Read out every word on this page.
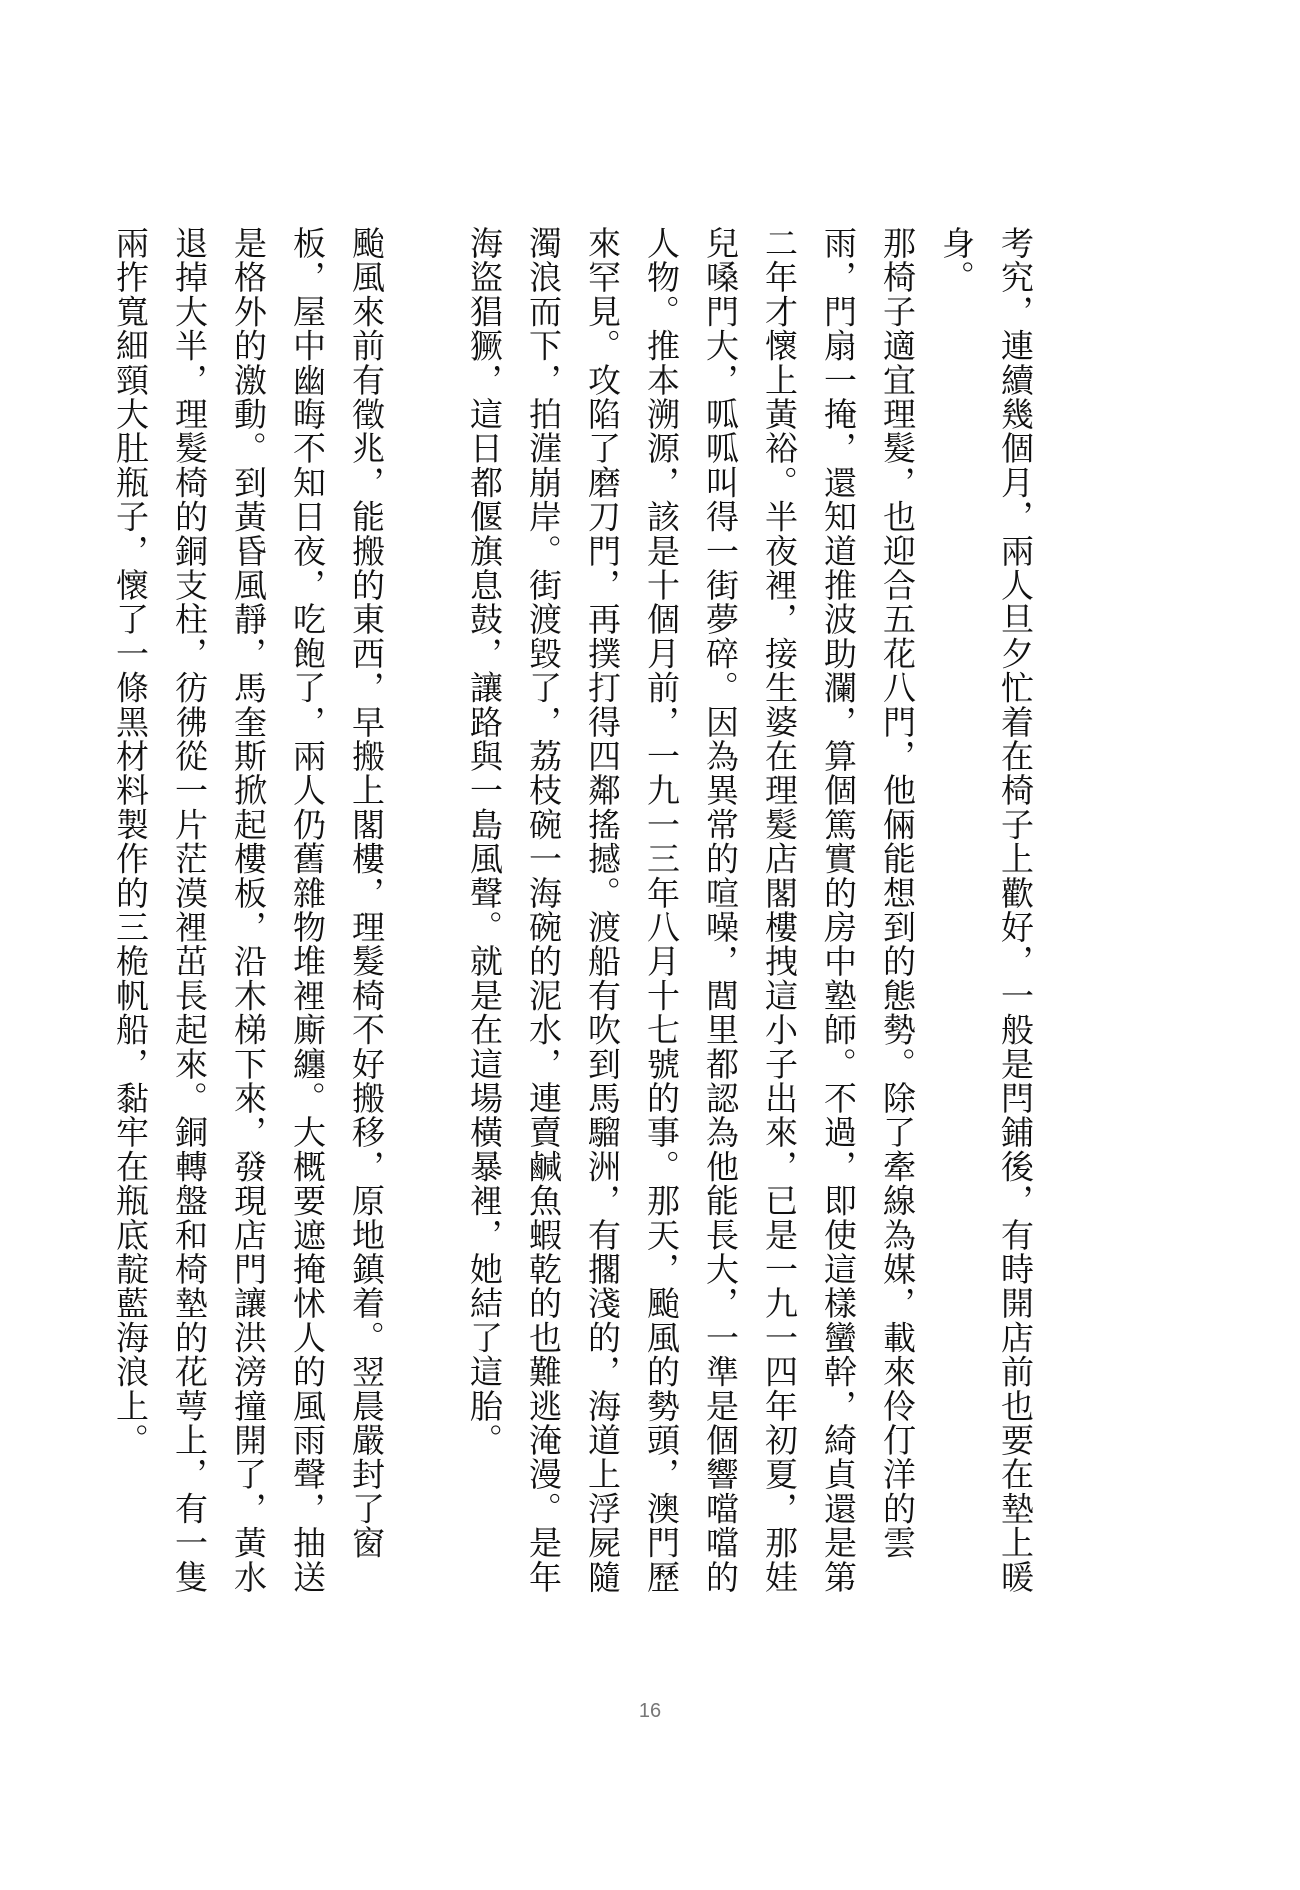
考究，連續幾個月，兩人旦夕忙着在椅子上歡好，一般是閂鋪後，有時開店前也要在墊上暖身。

那椅子適宜理髮，也迎合五花八門，他倆能想到的態勢。除了牽線為媒，載來伶仃洋的雲雨，門扇一掩，還知道推波助瀾，算個篤實的房中塾師。不過，即使這樣蠻幹，綺貞還是第二年才懷上黃裕。半夜裡，接生婆在理髮店閣樓拽這小子出來，已是一九一四年初夏，那娃兒嗓門大，呱呱叫得一街夢碎。因為異常的喧噪，閭里都認為他能長大，一準是個響噹噹的人物。推本溯源，該是十個月前，一九一三年八月十七號的事。那天，颱風的勢頭，澳門歷來罕見。攻陷了磨刀門，再撲打得四鄰搖撼。渡船有吹到馬騮洲，有擱淺的，海道上浮屍隨濁浪而下，拍漄崩岸。街渡毀了，荔枝碗一海碗的泥水，連賣鹹魚蝦乾的也難逃淹漫。是年海盜猖獗，這日都偃旗息鼓，讓路與一島風聲。就是在這場橫暴裡，她結了這胎。

颱風來前有徵兆，能搬的東西，早搬上閣樓，理髮椅不好搬移，原地鎮着。翌晨嚴封了窗板，屋中幽晦不知日夜，吃飽了，兩人仍舊雜物堆裡廝纏。大概要遮掩怵人的風雨聲，抽送是格外的激動。到黃昏風靜，馬奎斯掀起樓板，沿木梯下來，發現店門讓洪滂撞開了，黃水退掉大半，理髮椅的銅支柱，彷彿從一片茫漠裡茁長起來。銅轉盤和椅墊的花萼上，有一隻兩拃寬細頸大肚瓶子，懷了一條黑材料製作的三桅帆船，黏牢在瓶底靛藍海浪上。

16
